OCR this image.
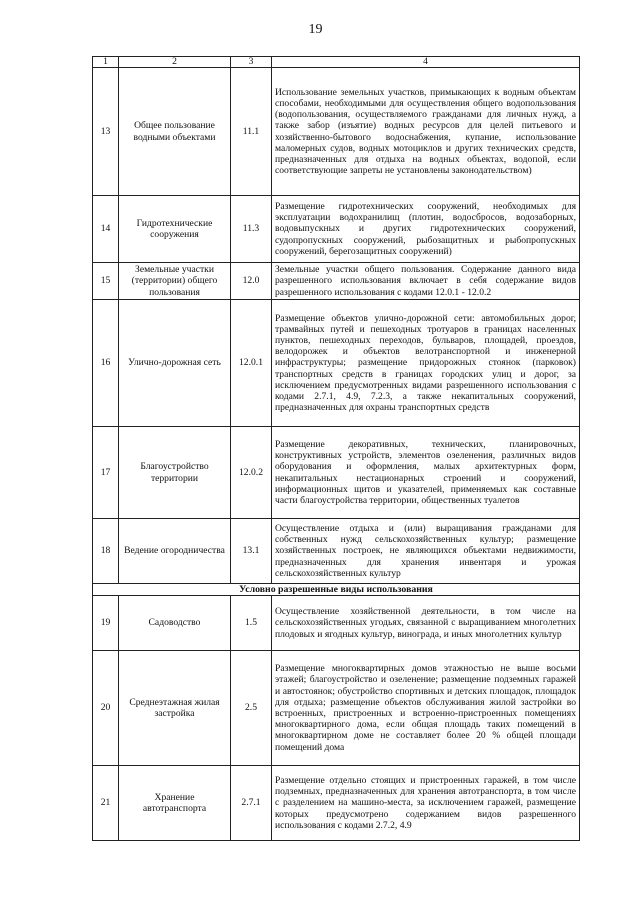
19
1	2	3	4
13	Общее пользование водными объектами	11.1	Использование земельных участков, примыкающих к водным объектам способами, необходимыми для осуществления общего водопользования (водопользования, осуществляемого гражданами для личных нужд, а также забор (изъятие) водных ресурсов для целей питьевого и хозяйственно-бытового водоснабжения, купание, использование маломерных судов, водных мотоциклов и других технических средств, предназначенных для отдыха на водных объектах, водопой, если соответствующие запреты не установлены законодательством)
14	Гидротехнические сооружения	11.3	Размещение гидротехнических сооружений, необходимых для эксплуатации водохранилищ (плотин, водосбросов, водозаборных, водовыпускных и других гидротехнических сооружений, судопропускных сооружений, рыбозащитных и рыбопропускных сооружений, берегозащитных сооружений)
15	Земельные участки (территории) общего пользования	12.0	Земельные участки общего пользования. Содержание данного вида разрешенного использования включает в себя содержание видов разрешенного использования с кодами 12.0.1 - 12.0.2
16	Улично-дорожная сеть	12.0.1	Размещение объектов улично-дорожной сети: автомобильных дорог, трамвайных путей и пешеходных тротуаров в границах населенных пунктов, пешеходных переходов, бульваров, площадей, проездов, велодорожек и объектов велотранспортной и инженерной инфраструктуры; размещение придорожных стоянок (парковок) транспортных средств в границах городских улиц и дорог, за исключением предусмотренных видами разрешенного использования с кодами 2.7.1, 4.9, 7.2.3, а также некапитальных сооружений, предназначенных для охраны транспортных средств
17	Благоустройство территории	12.0.2	Размещение декоративных, технических, планировочных, конструктивных устройств, элементов озеленения, различных видов оборудования и оформления, малых архитектурных форм, некапитальных нестационарных строений и сооружений, информационных щитов и указателей, применяемых как составные части благоустройства территории, общественных туалетов
18	Ведение огородничества	13.1	Осуществление отдыха и (или) выращивания гражданами для собственных нужд сельскохозяйственных культур; размещение хозяйственных построек, не являющихся объектами недвижимости, предназначенных для хранения инвентаря и урожая сельскохозяйственных культур
Условно разрешенные виды использования			
19	Садоводство	1.5	Осуществление хозяйственной деятельности, в том числе на сельскохозяйственных угодьях, связанной с выращиванием многолетних плодовых и ягодных культур, винограда, и иных многолетних культур
20	Среднеэтажная жилая застройка	2.5	Размещение многоквартирных домов этажностью не выше восьми этажей; благоустройство и озеленение; размещение подземных гаражей и автостоянок; обустройство спортивных и детских площадок, площадок для отдыха; размещение объектов обслуживания жилой застройки во встроенных, пристроенных и встроенно-пристроенных помещениях многоквартирного дома, если общая площадь таких помещений в многоквартирном доме не составляет более 20 % общей площади помещений дома
21	Хранение автотранспорта	2.7.1	Размещение отдельно стоящих и пристроенных гаражей, в том числе подземных, предназначенных для хранения автотранспорта, в том числе с разделением на машино-места, за исключением гаражей, размещение которых предусмотрено содержанием видов разрешенного использования с кодами 2.7.2, 4.9
